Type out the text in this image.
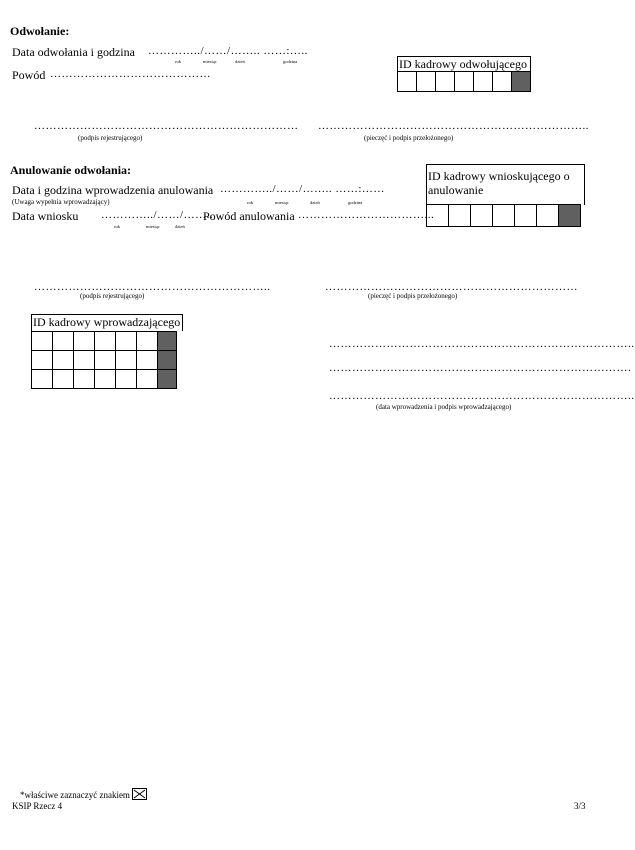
Odwołanie:
Data odwołania i godzina …………../……/…….. ……:…..
rok	miesiąc	dzień	godzina
Powód ……………………………………
ID kadrowy odwołującego

……………………………………………………………
(podpis rejestrującego)
……………………………………………………………..
(pieczęć i podpis przełożonego)
Anulowanie odwołania:
Data i godzina wprowadzenia anulowania …………../……/…….. ……:……
(Uwaga wypełnia wprowadzający)	rok	miesiąc	dzień	godzina
Data wniosku …………../……/……..
Powód anulowania ……………………………...
rok	miesiąc	dzień
ID kadrowy wnioskującego o anulowanie

……………………………………………………..
(podpis rejestrującego)
…………………………………………………………
(pieczęć i podpis przełożonego)
ID kadrowy wprowadzającego

……………………………………………………………………..
…………………………………………………………………….
……………………………………………………………………..
(data wprowadzenia i podpis wprowadzającego)
*właściwe zaznaczyć znakiem
KSIP Rzecz 4	3/3
